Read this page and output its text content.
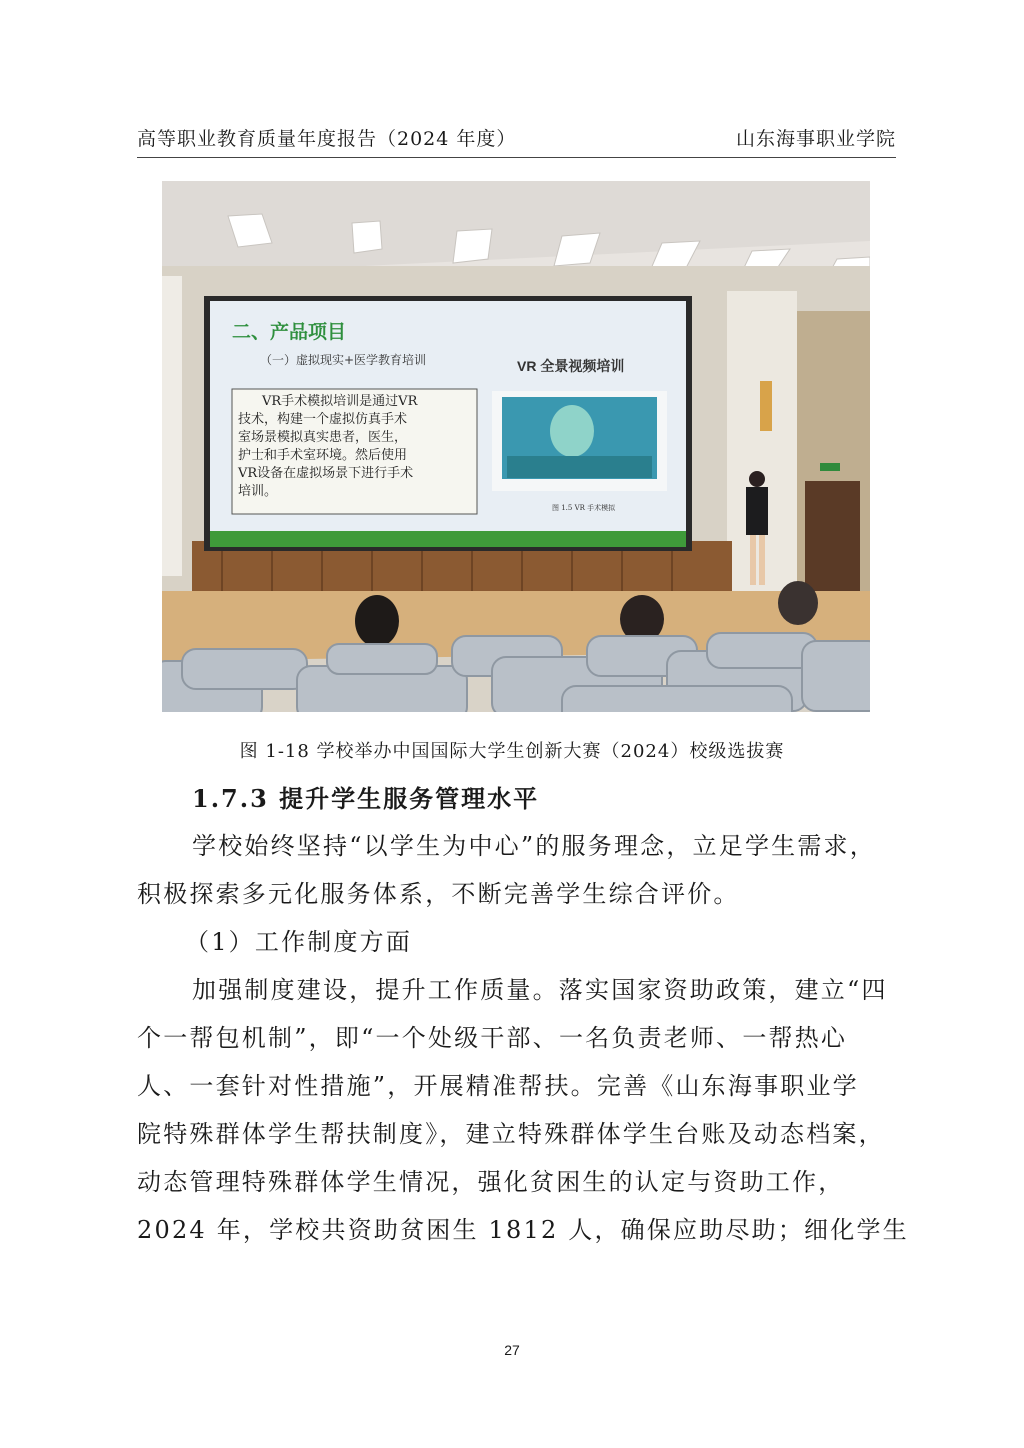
高等职业教育质量年度报告（2024 年度）	山东海事职业学院
二、产品项目
（一）虚拟现实+医学教育培训	VR 全景视频培训
VR手术模拟培训是通过VR
技术，构建一个虚拟仿真手术
室场景模拟真实患者，医生，
护士和手术室环境。然后使用
VR设备在虚拟场景下进行手术
培训。
图 1.5 VR 手术模拟
图 1-18 学校举办中国国际大学生创新大赛（2024）校级选拔赛
1.7.3 提升学生服务管理水平
学校始终坚持“以学生为中心”的服务理念，立足学生需求，
积极探索多元化服务体系，不断完善学生综合评价。
（1）工作制度方面
加强制度建设，提升工作质量。落实国家资助政策，建立“四
个一帮包机制”，即“一个处级干部、一名负责老师、一帮热心
人、一套针对性措施”，开展精准帮扶。完善《山东海事职业学
院特殊群体学生帮扶制度》，建立特殊群体学生台账及动态档案，
动态管理特殊群体学生情况，强化贫困生的认定与资助工作，
2024 年，学校共资助贫困生 1812 人，确保应助尽助；细化学生
27
